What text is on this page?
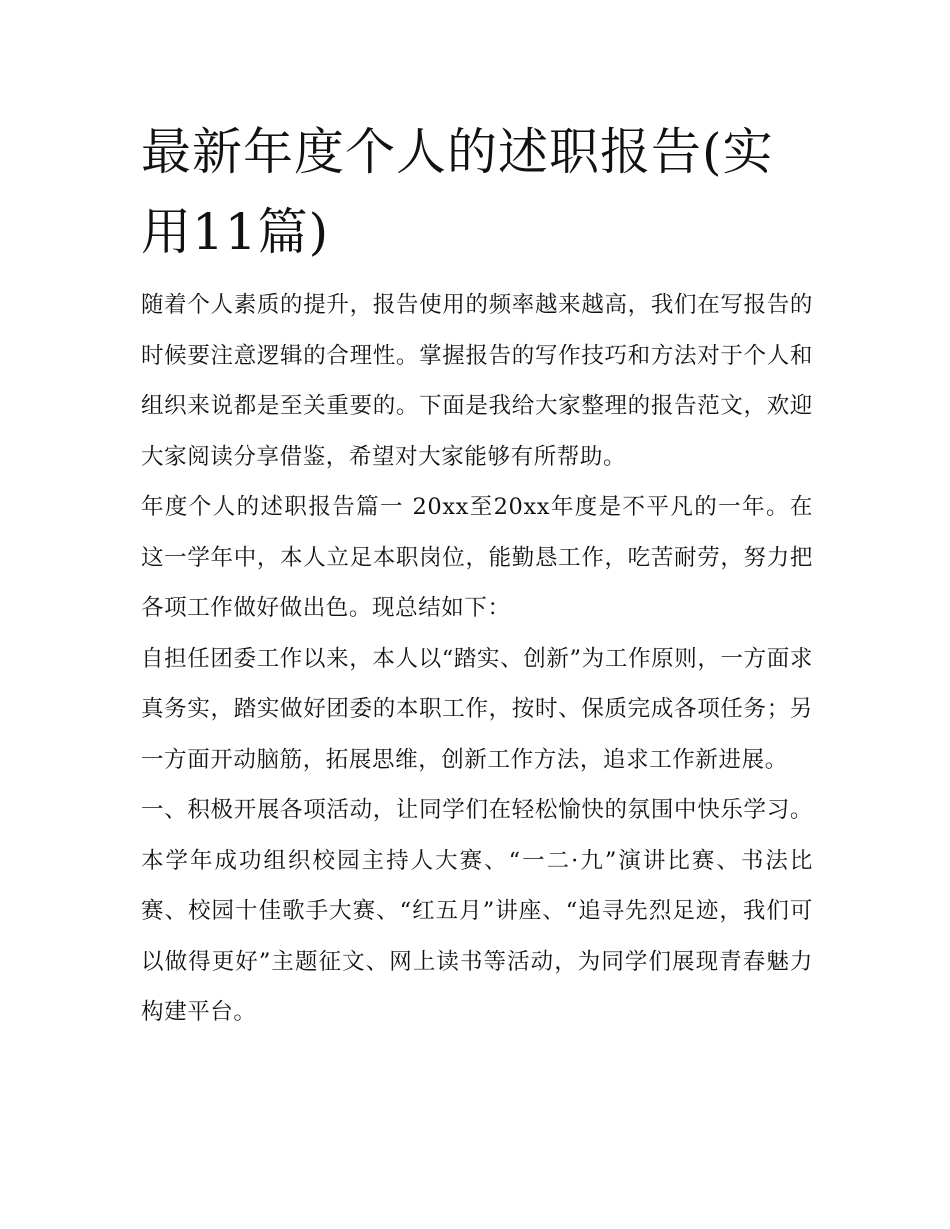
最新年度个人的述职报告(实用11篇)

随着个人素质的提升，报告使用的频率越来越高，我们在写报告的时候要注意逻辑的合理性。掌握报告的写作技巧和方法对于个人和组织来说都是至关重要的。下面是我给大家整理的报告范文，欢迎大家阅读分享借鉴，希望对大家能够有所帮助。

年度个人的述职报告篇一 20xx至20xx年度是不平凡的一年。在这一学年中，本人立足本职岗位，能勤恳工作，吃苦耐劳，努力把各项工作做好做出色。现总结如下：

自担任团委工作以来，本人以“踏实、创新”为工作原则，一方面求真务实，踏实做好团委的本职工作，按时、保质完成各项任务；另一方面开动脑筋，拓展思维，创新工作方法，追求工作新进展。

一、积极开展各项活动，让同学们在轻松愉快的氛围中快乐学习。本学年成功组织校园主持人大赛、“一二·九”演讲比赛、书法比赛、校园十佳歌手大赛、“红五月”讲座、“追寻先烈足迹，我们可以做得更好”主题征文、网上读书等活动，为同学们展现青春魅力构建平台。
